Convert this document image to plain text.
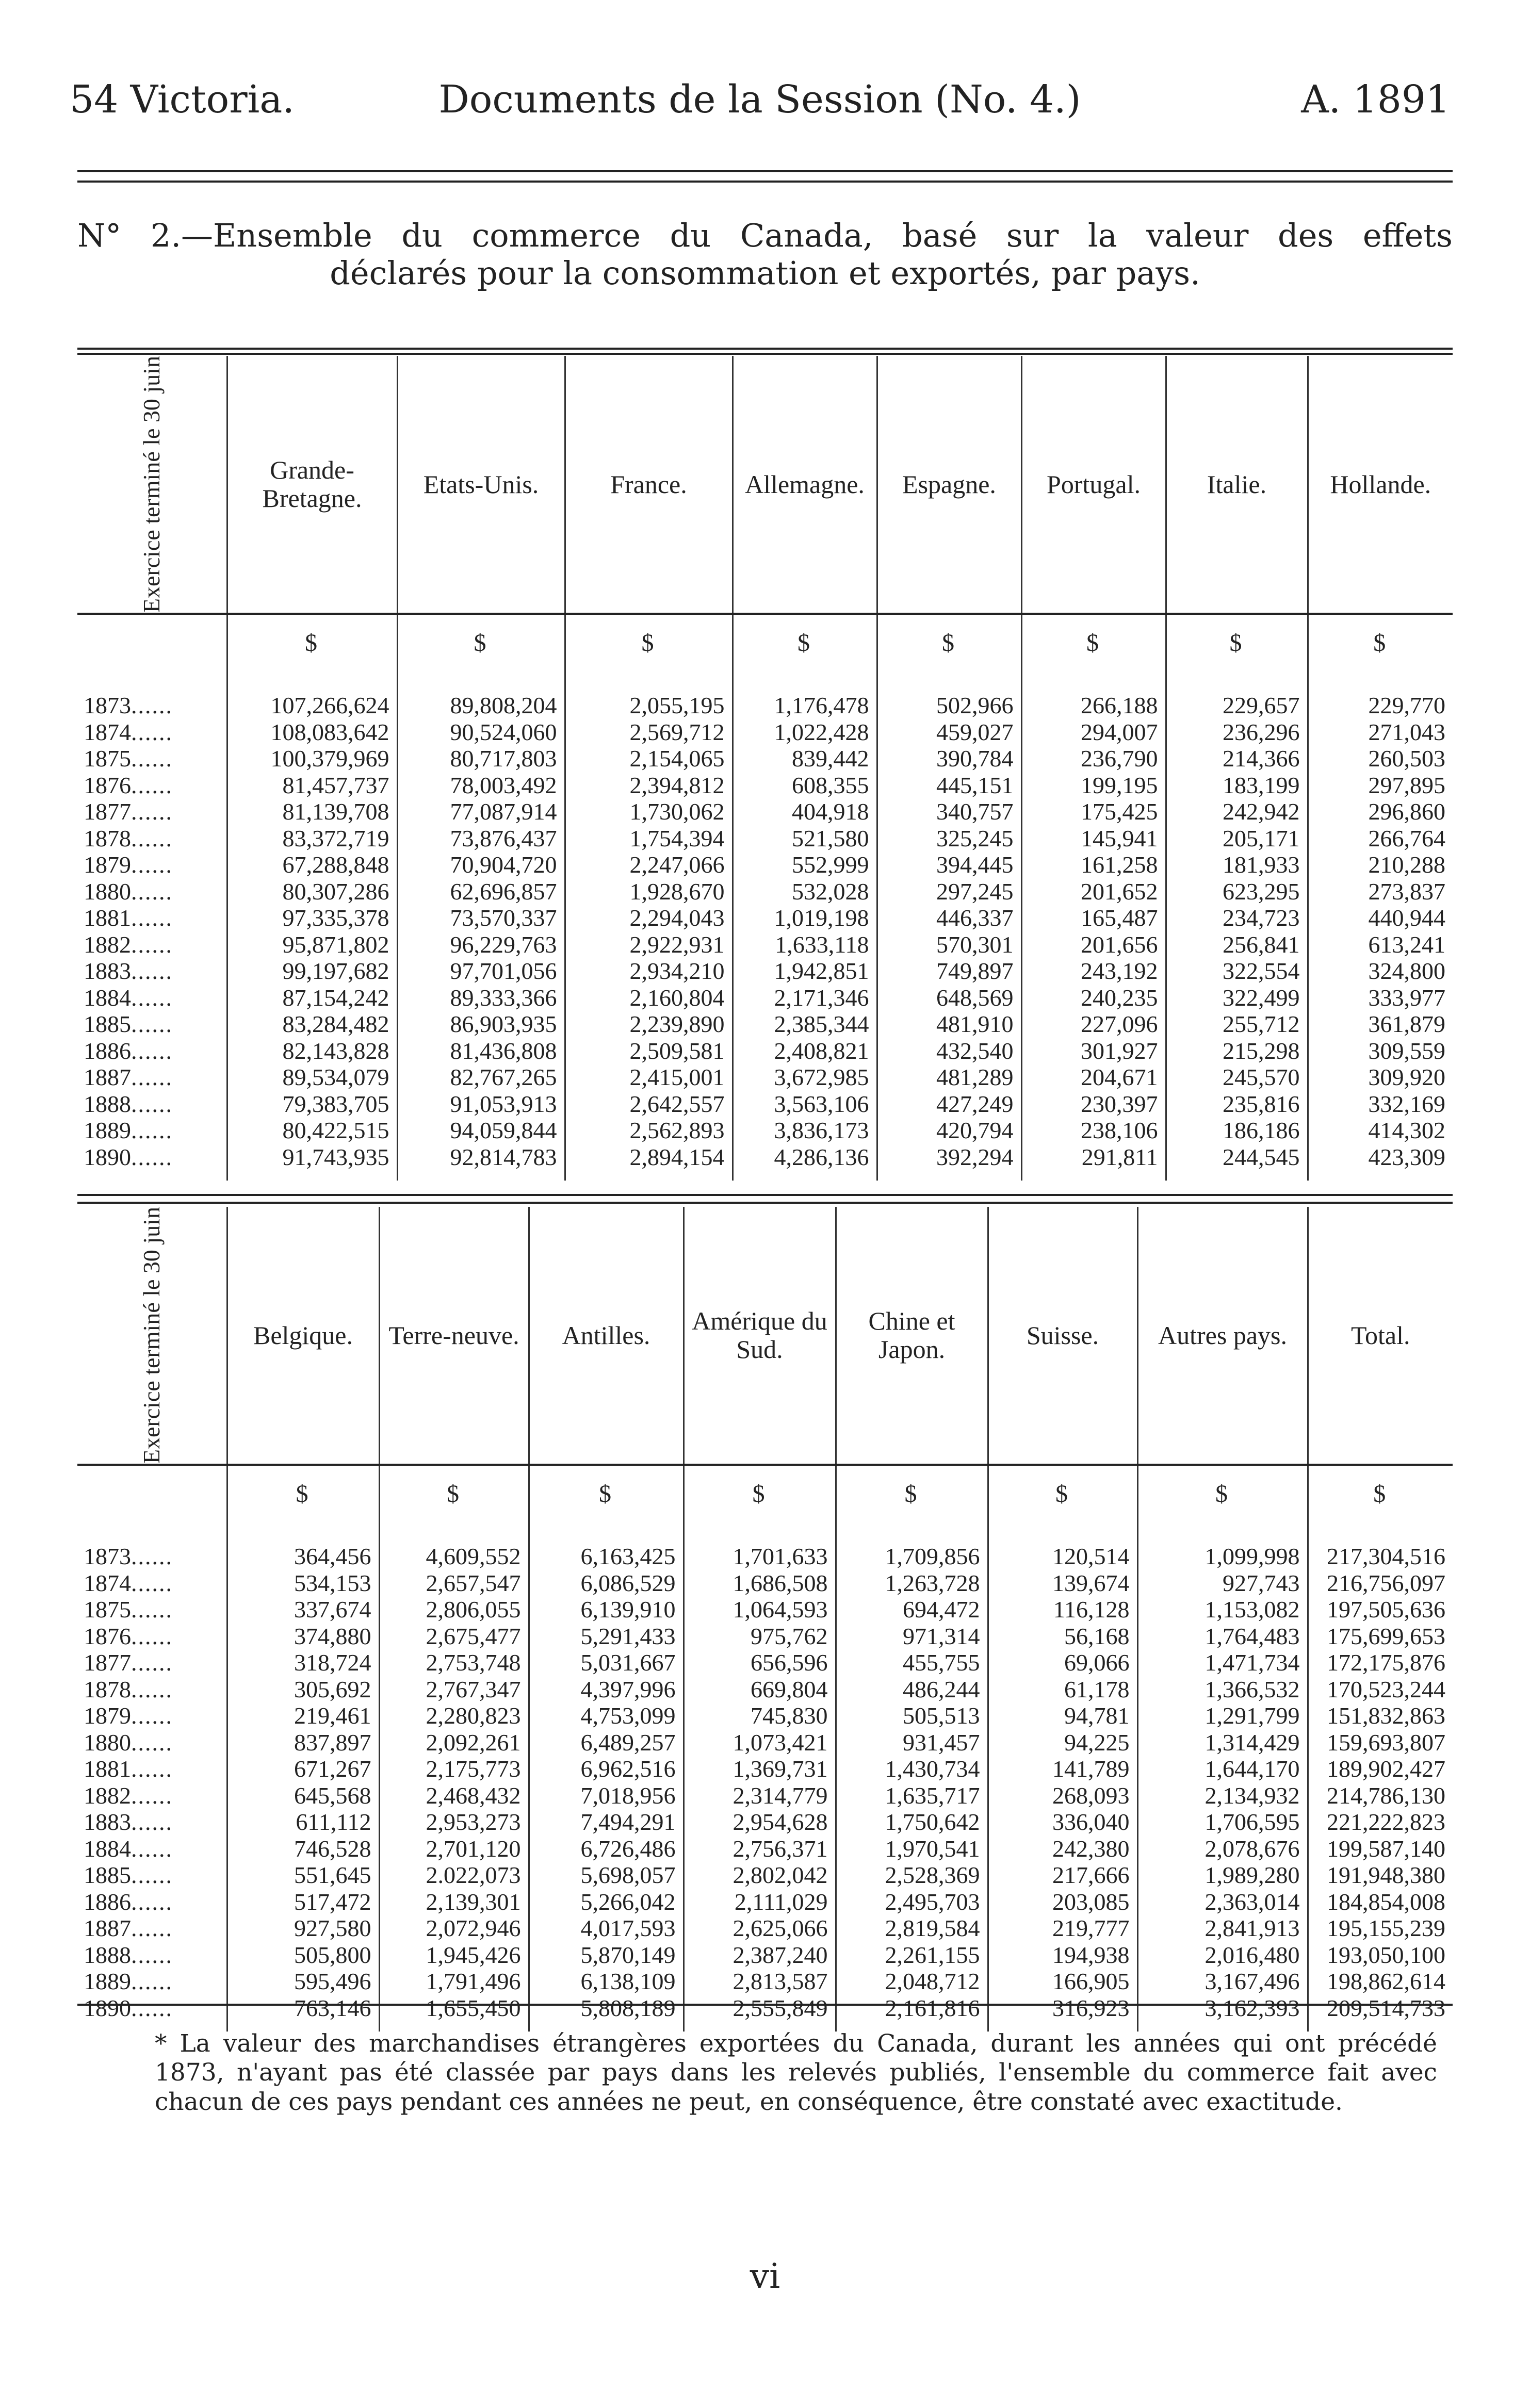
54 Victoria.	Documents de la Session (No. 4.)	A. 1891
N° 2.—Ensemble du commerce du Canada, basé sur la valeur des effets
déclarés pour la consommation et exportés, par pays.
Exercice terminé le 30 juin	Grande-Bretagne.	Etats-Unis.	France.	Allemagne.	Espagne.	Portugal.	Italie.	Hollande.
	$	$	$	$	$	$	$	$

1873......	107,266,624	89,808,204	2,055,195	1,176,478	502,966	266,188	229,657	229,770
1874......	108,083,642	90,524,060	2,569,712	1,022,428	459,027	294,007	236,296	271,043
1875......	100,379,969	80,717,803	2,154,065	839,442	390,784	236,790	214,366	260,503
1876......	81,457,737	78,003,492	2,394,812	608,355	445,151	199,195	183,199	297,895
1877......	81,139,708	77,087,914	1,730,062	404,918	340,757	175,425	242,942	296,860
1878......	83,372,719	73,876,437	1,754,394	521,580	325,245	145,941	205,171	266,764
1879......	67,288,848	70,904,720	2,247,066	552,999	394,445	161,258	181,933	210,288
1880......	80,307,286	62,696,857	1,928,670	532,028	297,245	201,652	623,295	273,837
1881......	97,335,378	73,570,337	2,294,043	1,019,198	446,337	165,487	234,723	440,944
1882......	95,871,802	96,229,763	2,922,931	1,633,118	570,301	201,656	256,841	613,241
1883......	99,197,682	97,701,056	2,934,210	1,942,851	749,897	243,192	322,554	324,800
1884......	87,154,242	89,333,366	2,160,804	2,171,346	648,569	240,235	322,499	333,977
1885......	83,284,482	86,903,935	2,239,890	2,385,344	481,910	227,096	255,712	361,879
1886......	82,143,828	81,436,808	2,509,581	2,408,821	432,540	301,927	215,298	309,559
1887......	89,534,079	82,767,265	2,415,001	3,672,985	481,289	204,671	245,570	309,920
1888......	79,383,705	91,053,913	2,642,557	3,563,106	427,249	230,397	235,816	332,169
1889......	80,422,515	94,059,844	2,562,893	3,836,173	420,794	238,106	186,186	414,302
1890......	91,743,935	92,814,783	2,894,154	4,286,136	392,294	291,811	244,545	423,309

Exercice terminé le 30 juin	Belgique.	Terre-neuve.	Antilles.	Amérique du Sud.	Chine et Japon.	Suisse.	Autres pays.	Total.
	$	$	$	$	$	$	$	$

1873......	364,456	4,609,552	6,163,425	1,701,633	1,709,856	120,514	1,099,998	217,304,516
1874......	534,153	2,657,547	6,086,529	1,686,508	1,263,728	139,674	927,743	216,756,097
1875......	337,674	2,806,055	6,139,910	1,064,593	694,472	116,128	1,153,082	197,505,636
1876......	374,880	2,675,477	5,291,433	975,762	971,314	56,168	1,764,483	175,699,653
1877......	318,724	2,753,748	5,031,667	656,596	455,755	69,066	1,471,734	172,175,876
1878......	305,692	2,767,347	4,397,996	669,804	486,244	61,178	1,366,532	170,523,244
1879......	219,461	2,280,823	4,753,099	745,830	505,513	94,781	1,291,799	151,832,863
1880......	837,897	2,092,261	6,489,257	1,073,421	931,457	94,225	1,314,429	159,693,807
1881......	671,267	2,175,773	6,962,516	1,369,731	1,430,734	141,789	1,644,170	189,902,427
1882......	645,568	2,468,432	7,018,956	2,314,779	1,635,717	268,093	2,134,932	214,786,130
1883......	611,112	2,953,273	7,494,291	2,954,628	1,750,642	336,040	1,706,595	221,222,823
1884......	746,528	2,701,120	6,726,486	2,756,371	1,970,541	242,380	2,078,676	199,587,140
1885......	551,645	2.022,073	5,698,057	2,802,042	2,528,369	217,666	1,989,280	191,948,380
1886......	517,472	2,139,301	5,266,042	2,111,029	2,495,703	203,085	2,363,014	184,854,008
1887......	927,580	2,072,946	4,017,593	2,625,066	2,819,584	219,777	2,841,913	195,155,239
1888......	505,800	1,945,426	5,870,149	2,387,240	2,261,155	194,938	2,016,480	193,050,100
1889......	595,496	1,791,496	6,138,109	2,813,587	2,048,712	166,905	3,167,496	198,862,614
1890......	763,146	1,655,450	5,808,189	2,555,849	2,161,816	316,923	3,162,393	209,514,733

* La valeur des marchandises étrangères exportées du Canada, durant les années qui ont précédé 1873, n'ayant pas été classée par pays dans les relevés publiés, l'ensemble du commerce fait avec chacun de ces pays pendant ces années ne peut, en conséquence, être constaté avec exactitude.
vi
